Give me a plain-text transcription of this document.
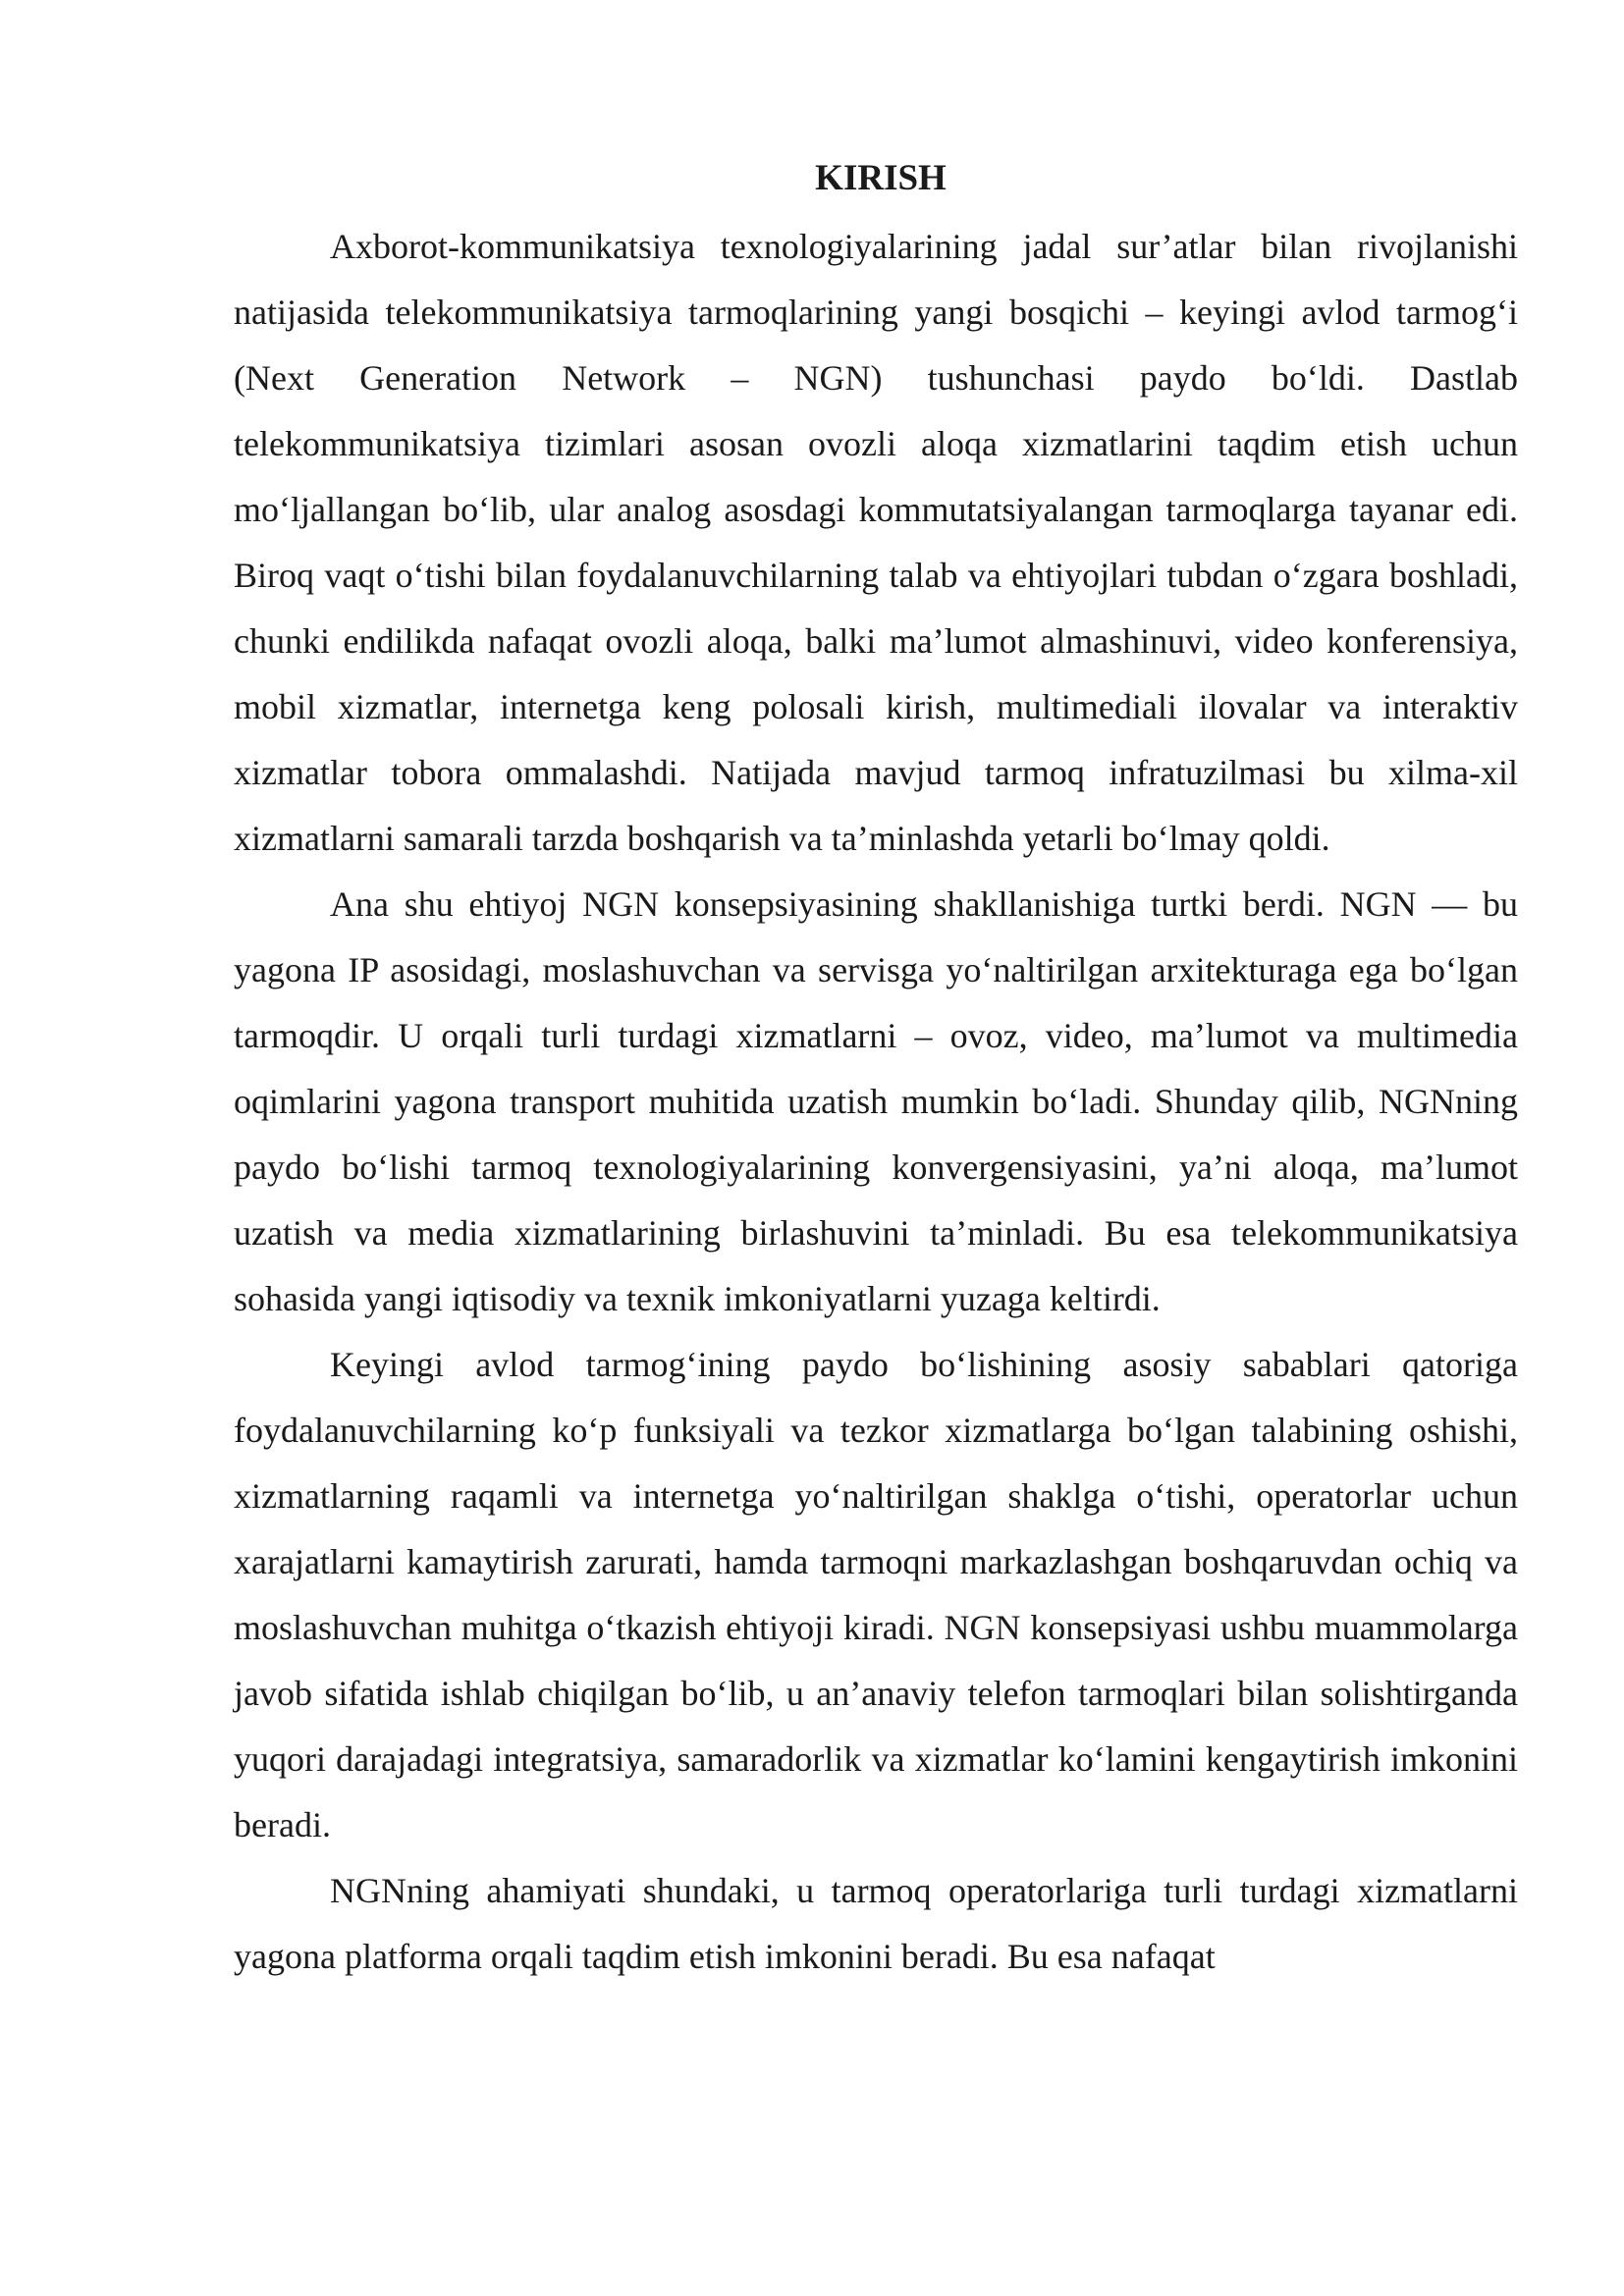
KIRISH

Axborot-kommunikatsiya texnologiyalarining jadal sur’atlar bilan rivojlanishi natijasida telekommunikatsiya tarmoqlarining yangi bosqichi – keyingi avlod tarmog‘i (Next Generation Network – NGN) tushunchasi paydo bo‘ldi. Dastlab telekommunikatsiya tizimlari asosan ovozli aloqa xizmatlarini taqdim etish uchun mo‘ljallangan bo‘lib, ular analog asosdagi kommutatsiyalangan tarmoqlarga tayanar edi. Biroq vaqt o‘tishi bilan foydalanuvchilarning talab va ehtiyojlari tubdan o‘zgara boshladi, chunki endilikda nafaqat ovozli aloqa, balki ma’lumot almashinuvi, video konferensiya, mobil xizmatlar, internetga keng polosali kirish, multimediali ilovalar va interaktiv xizmatlar tobora ommalashdi. Natijada mavjud tarmoq infratuzilmasi bu xilma-xil xizmatlarni samarali tarzda boshqarish va ta’minlashda yetarli bo‘lmay qoldi.

Ana shu ehtiyoj NGN konsepsiyasining shakllanishiga turtki berdi. NGN — bu yagona IP asosidagi, moslashuvchan va servisga yo‘naltirilgan arxitekturaga ega bo‘lgan tarmoqdir. U orqali turli turdagi xizmatlarni – ovoz, video, ma’lumot va multimedia oqimlarini yagona transport muhitida uzatish mumkin bo‘ladi. Shunday qilib, NGNning paydo bo‘lishi tarmoq texnologiyalarining konvergensiyasini, ya’ni aloqa, ma’lumot uzatish va media xizmatlarining birlashuvini ta’minladi. Bu esa telekommunikatsiya sohasida yangi iqtisodiy va texnik imkoniyatlarni yuzaga keltirdi.

Keyingi avlod tarmog‘ining paydo bo‘lishining asosiy sabablari qatoriga foydalanuvchilarning ko‘p funksiyali va tezkor xizmatlarga bo‘lgan talabining oshishi, xizmatlarning raqamli va internetga yo‘naltirilgan shaklga o‘tishi, operatorlar uchun xarajatlarni kamaytirish zarurati, hamda tarmoqni markazlashgan boshqaruvdan ochiq va moslashuvchan muhitga o‘tkazish ehtiyoji kiradi. NGN konsepsiyasi ushbu muammolarga javob sifatida ishlab chiqilgan bo‘lib, u an’anaviy telefon tarmoqlari bilan solishtirganda yuqori darajadagi integratsiya, samaradorlik va xizmatlar ko‘lamini kengaytirish imkonini beradi.

NGNning ahamiyati shundaki, u tarmoq operatorlariga turli turdagi xizmatlarni yagona platforma orqali taqdim etish imkonini beradi. Bu esa nafaqat
